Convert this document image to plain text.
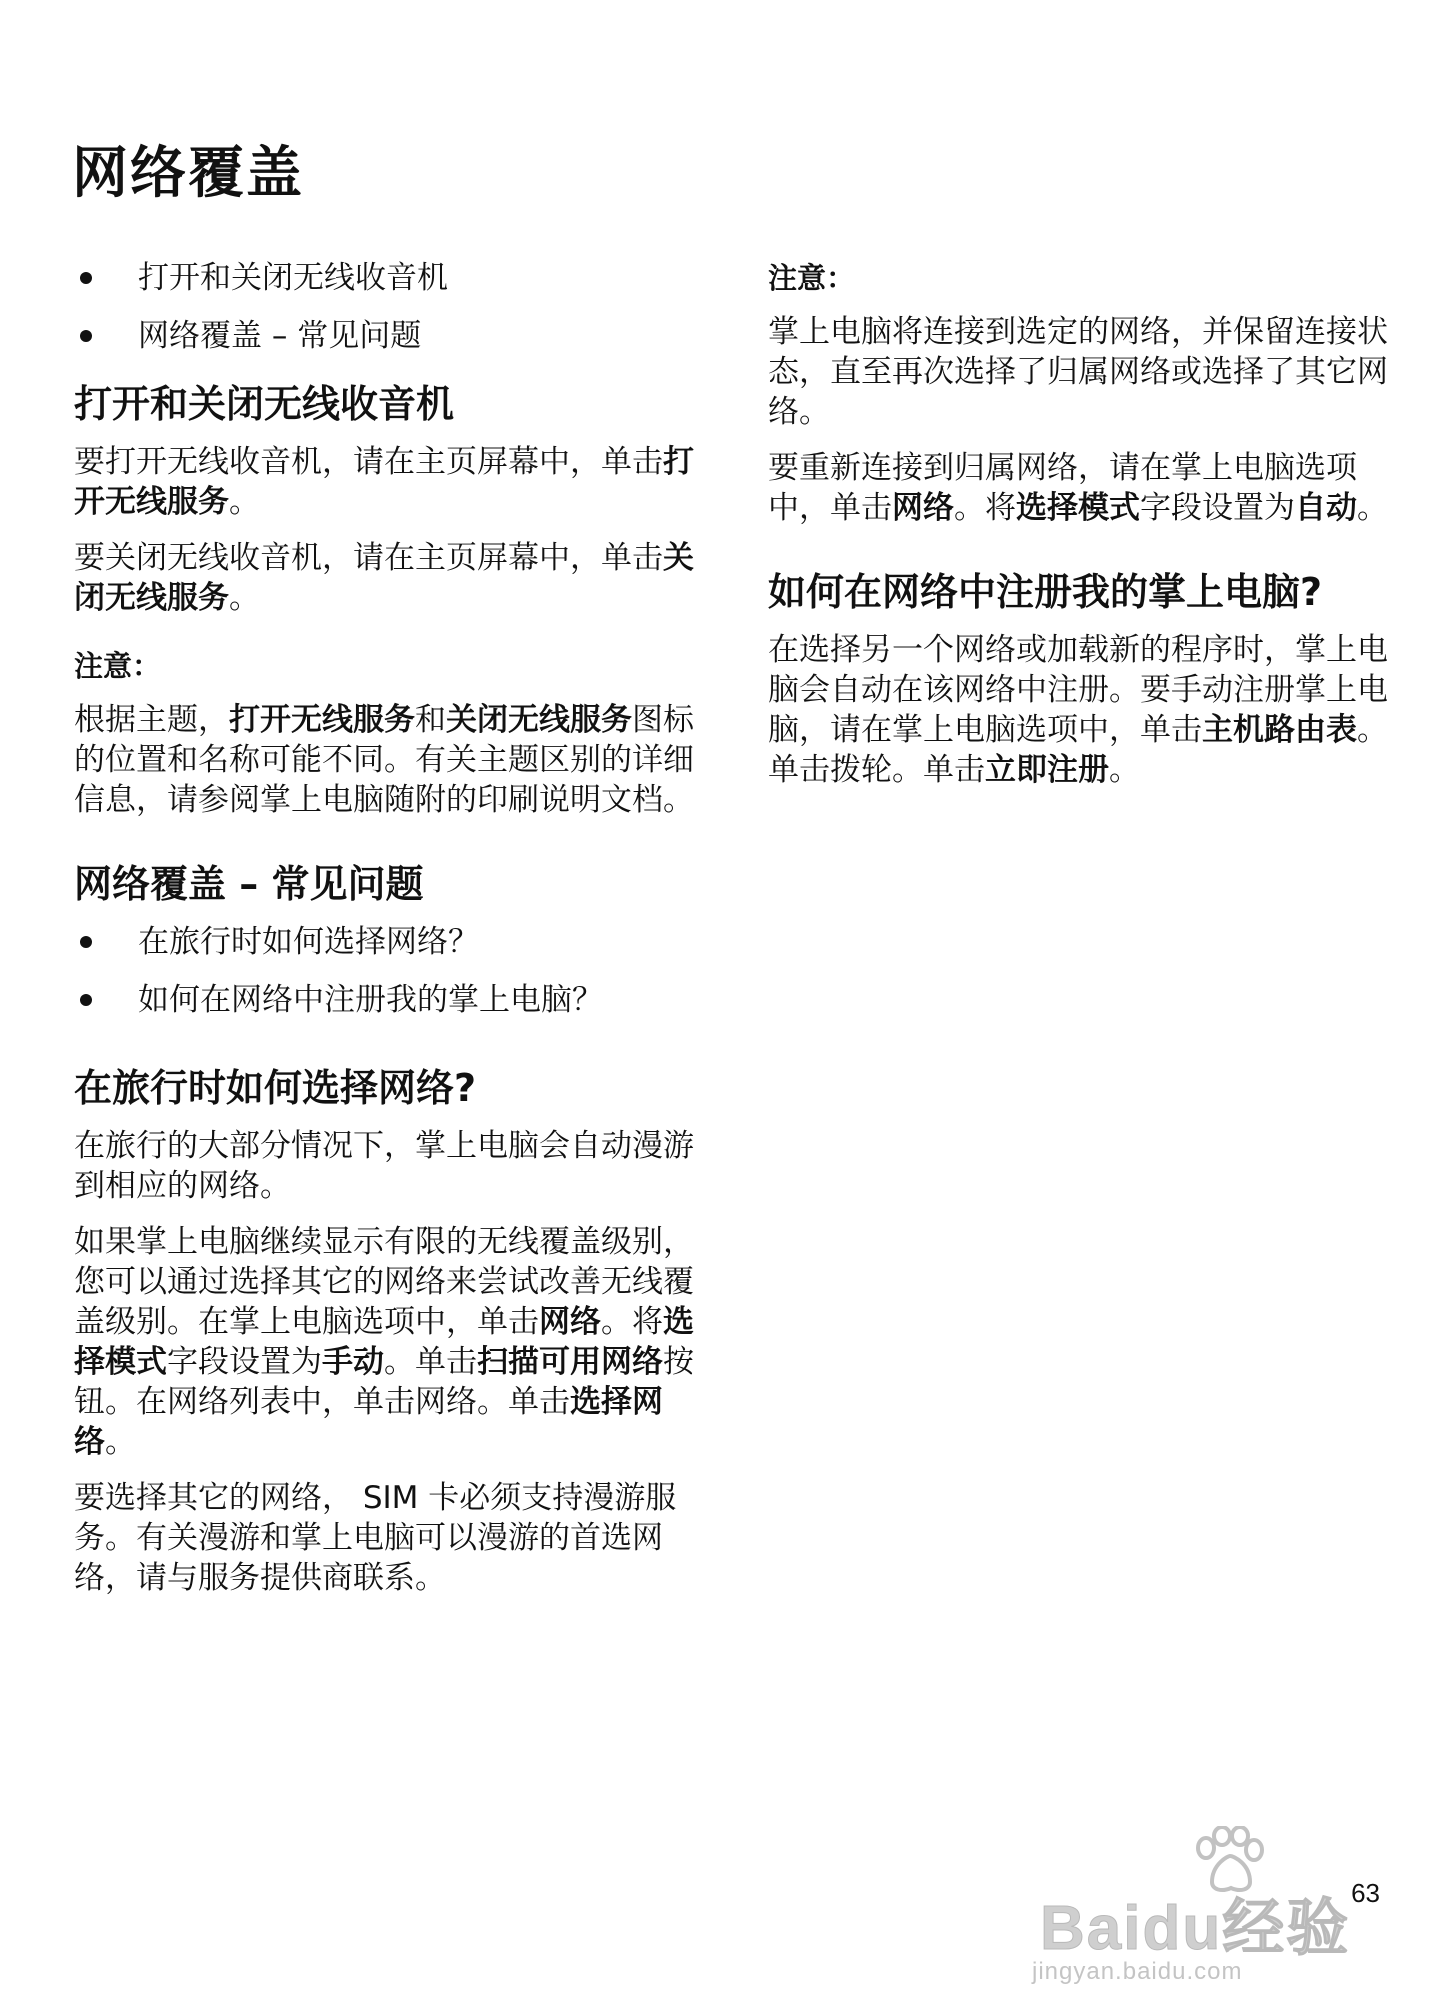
网络覆盖
打开和关闭无线收音机
网络覆盖 – 常见问题
打开和关闭无线收音机

要打开无线收音机，请在主页屏幕中，单击打开无线服务。

要关闭无线收音机，请在主页屏幕中，单击关闭无线服务。

注意：

根据主题，打开无线服务和关闭无线服务图标的位置和名称可能不同。有关主题区别的详细信息，请参阅掌上电脑随附的印刷说明文档。

网络覆盖 – 常见问题
在旅行时如何选择网络？
如何在网络中注册我的掌上电脑？
在旅行时如何选择网络?

在旅行的大部分情况下，掌上电脑会自动漫游到相应的网络。

如果掌上电脑继续显示有限的无线覆盖级别，您可以通过选择其它的网络来尝试改善无线覆盖级别。在掌上电脑选项中，单击网络。将选择模式字段设置为手动。单击扫描可用网络按钮。在网络列表中，单击网络。单击选择网络。

要选择其它的网络， SIM 卡必须支持漫游服务。有关漫游和掌上电脑可以漫游的首选网络，请与服务提供商联系。

注意：

掌上电脑将连接到选定的网络，并保留连接状态，直至再次选择了归属网络或选择了其它网络。

要重新连接到归属网络，请在掌上电脑选项中，单击网络。将选择模式字段设置为自动。

如何在网络中注册我的掌上电脑?

在选择另一个网络或加载新的程序时，掌上电脑会自动在该网络中注册。要手动注册掌上电脑，请在掌上电脑选项中，单击主机路由表。单击拨轮。单击立即注册。

Baidu经验
jingyan.baidu.com
63
